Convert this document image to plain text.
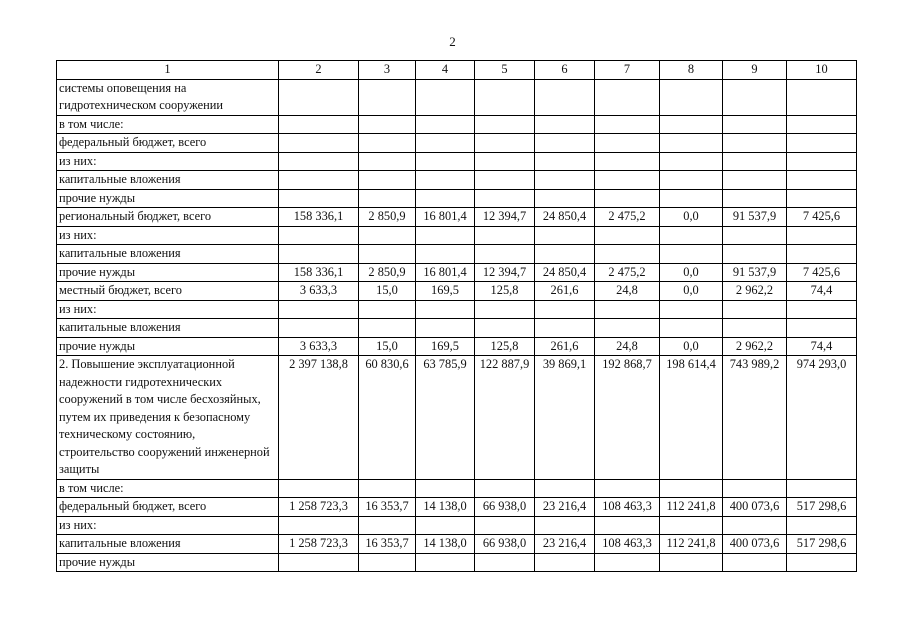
2
1	2	3	4	5	6	7	8	9	10
системы оповещения на гидротехническом сооружении									
в том числе:									
федеральный бюджет, всего									
из них:									
капитальные вложения									
прочие нужды									
региональный бюджет, всего	158 336,1	2 850,9	16 801,4	12 394,7	24 850,4	2 475,2	0,0	91 537,9	7 425,6
из них:									
капитальные вложения									
прочие нужды	158 336,1	2 850,9	16 801,4	12 394,7	24 850,4	2 475,2	0,0	91 537,9	7 425,6
местный бюджет, всего	3 633,3	15,0	169,5	125,8	261,6	24,8	0,0	2 962,2	74,4
из них:									
капитальные вложения									
прочие нужды	3 633,3	15,0	169,5	125,8	261,6	24,8	0,0	2 962,2	74,4
2. Повышение эксплуатационной надежности гидротехнических сооружений в том числе бесхозяйных, путем их приведения к безопасному техническому состоянию, строительство сооружений инженерной защиты	2 397 138,8	60 830,6	63 785,9	122 887,9	39 869,1	192 868,7	198 614,4	743 989,2	974 293,0
в том числе:									
федеральный бюджет, всего	1 258 723,3	16 353,7	14 138,0	66 938,0	23 216,4	108 463,3	112 241,8	400 073,6	517 298,6
из них:									
капитальные вложения	1 258 723,3	16 353,7	14 138,0	66 938,0	23 216,4	108 463,3	112 241,8	400 073,6	517 298,6
прочие нужды									
